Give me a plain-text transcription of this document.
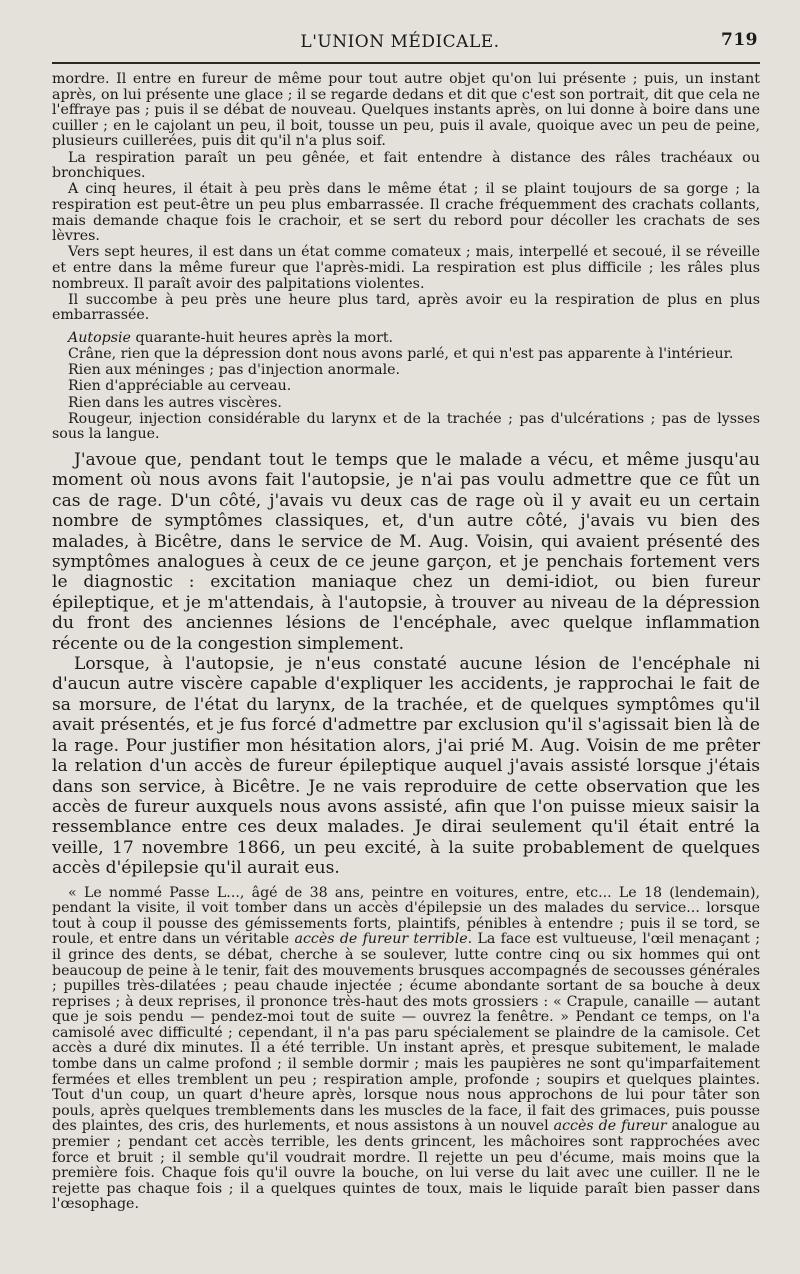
L'UNION MÉDICALE.	719

mordre. Il entre en fureur de même pour tout autre objet qu'on lui présente ; puis, un instant après, on lui présente une glace ; il se regarde dedans et dit que c'est son portrait, dit que cela ne l'effraye pas ; puis il se débat de nouveau. Quelques instants après, on lui donne à boire dans une cuiller ; en le cajolant un peu, il boit, tousse un peu, puis il avale, quoique avec un peu de peine, plusieurs cuillerées, puis dit qu'il n'a plus soif.

La respiration paraît un peu gênée, et fait entendre à distance des râles trachéaux ou bronchiques.

A cinq heures, il était à peu près dans le même état ; il se plaint toujours de sa gorge ; la respiration est peut-être un peu plus embarrassée. Il crache fréquemment des crachats collants, mais demande chaque fois le crachoir, et se sert du rebord pour décoller les crachats de ses lèvres.

Vers sept heures, il est dans un état comme comateux ; mais, interpellé et secoué, il se réveille et entre dans la même fureur que l'après-midi. La respiration est plus difficile ; les râles plus nombreux. Il paraît avoir des palpitations violentes.

Il succombe à peu près une heure plus tard, après avoir eu la respiration de plus en plus embarrassée.

Autopsie quarante-huit heures après la mort.

Crâne, rien que la dépression dont nous avons parlé, et qui n'est pas apparente à l'intérieur.

Rien aux méninges ; pas d'injection anormale.

Rien d'appréciable au cerveau.

Rien dans les autres viscères.

Rougeur, injection considérable du larynx et de la trachée ; pas d'ulcérations ; pas de lysses sous la langue.

J'avoue que, pendant tout le temps que le malade a vécu, et même jusqu'au moment où nous avons fait l'autopsie, je n'ai pas voulu admettre que ce fût un cas de rage. D'un côté, j'avais vu deux cas de rage où il y avait eu un certain nombre de symptômes classiques, et, d'un autre côté, j'avais vu bien des malades, à Bicêtre, dans le service de M. Aug. Voisin, qui avaient présenté des symptômes analogues à ceux de ce jeune garçon, et je penchais fortement vers le diagnostic : excitation maniaque chez un demi-idiot, ou bien fureur épileptique, et je m'attendais, à l'autopsie, à trouver au niveau de la dépression du front des anciennes lésions de l'encéphale, avec quelque inflammation récente ou de la congestion simplement.

Lorsque, à l'autopsie, je n'eus constaté aucune lésion de l'encéphale ni d'aucun autre viscère capable d'expliquer les accidents, je rapprochai le fait de sa morsure, de l'état du larynx, de la trachée, et de quelques symptômes qu'il avait présentés, et je fus forcé d'admettre par exclusion qu'il s'agissait bien là de la rage. Pour justifier mon hésitation alors, j'ai prié M. Aug. Voisin de me prêter la relation d'un accès de fureur épileptique auquel j'avais assisté lorsque j'étais dans son service, à Bicêtre. Je ne vais reproduire de cette observation que les accès de fureur auxquels nous avons assisté, afin que l'on puisse mieux saisir la ressemblance entre ces deux malades. Je dirai seulement qu'il était entré la veille, 17 novembre 1866, un peu excité, à la suite probablement de quelques accès d'épilepsie qu'il aurait eus.

« Le nommé Passe L..., âgé de 38 ans, peintre en voitures, entre, etc... Le 18 (lendemain), pendant la visite, il voit tomber dans un accès d'épilepsie un des malades du service... lorsque tout à coup il pousse des gémissements forts, plaintifs, pénibles à entendre ; puis il se tord, se roule, et entre dans un véritable accès de fureur terrible. La face est vultueuse, l'œil menaçant ; il grince des dents, se débat, cherche à se soulever, lutte contre cinq ou six hommes qui ont beaucoup de peine à le tenir, fait des mouvements brusques accompagnés de secousses générales ; pupilles très-dilatées ; peau chaude injectée ; écume abondante sortant de sa bouche à deux reprises ; à deux reprises, il prononce très-haut des mots grossiers : « Crapule, canaille — autant que je sois pendu — pendez-moi tout de suite — ouvrez la fenêtre. » Pendant ce temps, on l'a camisolé avec difficulté ; cependant, il n'a pas paru spécialement se plaindre de la camisole. Cet accès a duré dix minutes. Il a été terrible. Un instant après, et presque subitement, le malade tombe dans un calme profond ; il semble dormir ; mais les paupières ne sont qu'imparfaitement fermées et elles tremblent un peu ; respiration ample, profonde ; soupirs et quelques plaintes. Tout d'un coup, un quart d'heure après, lorsque nous nous approchons de lui pour tâter son pouls, après quelques tremblements dans les muscles de la face, il fait des grimaces, puis pousse des plaintes, des cris, des hurlements, et nous assistons à un nouvel accès de fureur analogue au premier ; pendant cet accès terrible, les dents grincent, les mâchoires sont rapprochées avec force et bruit ; il semble qu'il voudrait mordre. Il rejette un peu d'écume, mais moins que la première fois. Chaque fois qu'il ouvre la bouche, on lui verse du lait avec une cuiller. Il ne le rejette pas chaque fois ; il a quelques quintes de toux, mais le liquide paraît bien passer dans l'œsophage.
